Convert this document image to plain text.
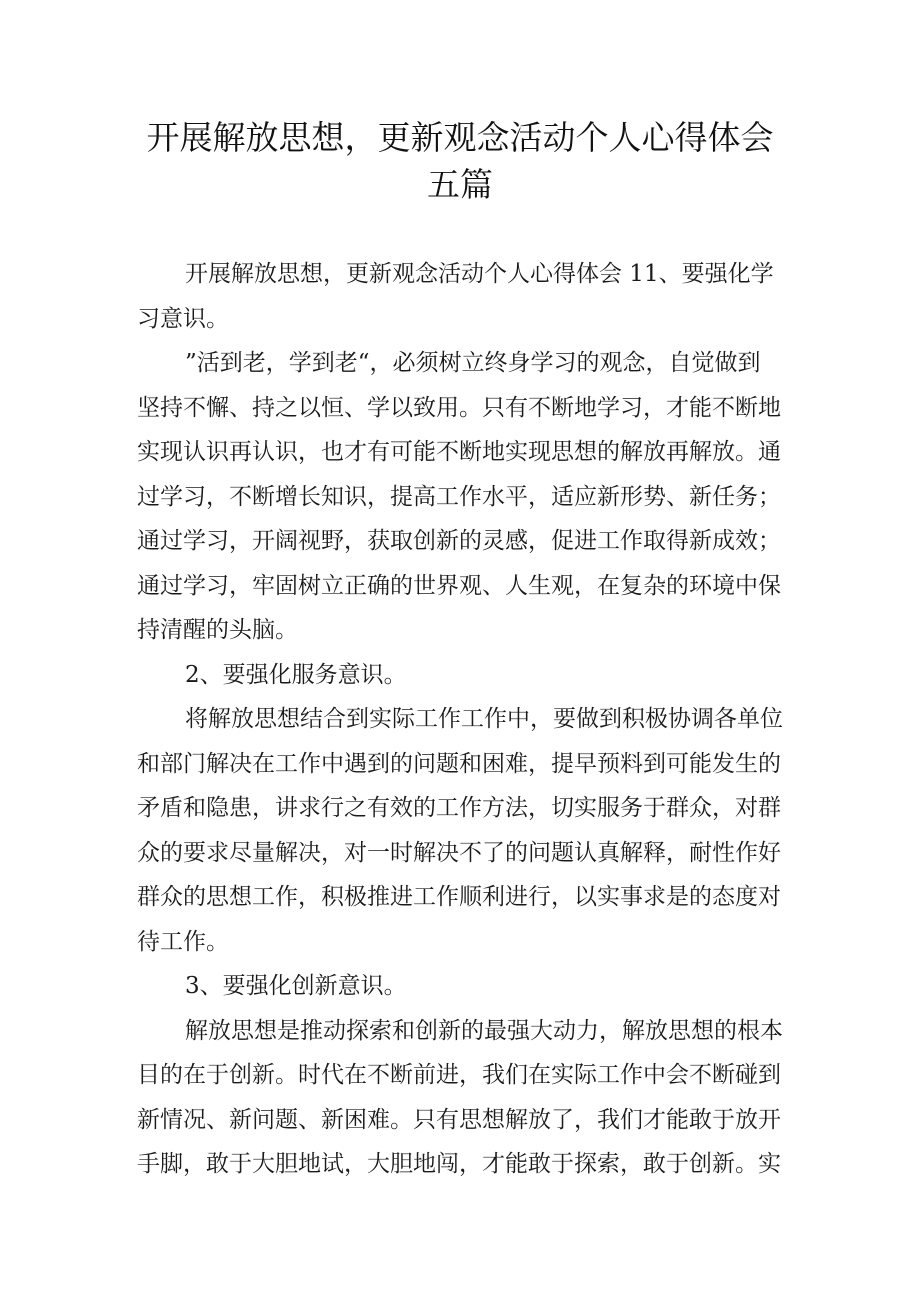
开展解放思想，更新观念活动个人心得体会
五篇
开展解放思想，更新观念活动个人心得体会 11、要强化学
习意识。
”活到老，学到老“，必须树立终身学习的观念，自觉做到
坚持不懈、持之以恒、学以致用。只有不断地学习，才能不断地
实现认识再认识，也才有可能不断地实现思想的解放再解放。通
过学习，不断增长知识，提高工作水平，适应新形势、新任务；
通过学习，开阔视野，获取创新的灵感，促进工作取得新成效；
通过学习，牢固树立正确的世界观、人生观，在复杂的环境中保
持清醒的头脑。
2、要强化服务意识。
将解放思想结合到实际工作工作中，要做到积极协调各单位
和部门解决在工作中遇到的问题和困难，提早预料到可能发生的
矛盾和隐患，讲求行之有效的工作方法，切实服务于群众，对群
众的要求尽量解决，对一时解决不了的问题认真解释，耐性作好
群众的思想工作，积极推进工作顺利进行，以实事求是的态度对
待工作。
3、要强化创新意识。
解放思想是推动探索和创新的最强大动力，解放思想的根本
目的在于创新。时代在不断前进，我们在实际工作中会不断碰到
新情况、新问题、新困难。只有思想解放了，我们才能敢于放开
手脚，敢于大胆地试，大胆地闯，才能敢于探索，敢于创新。实
